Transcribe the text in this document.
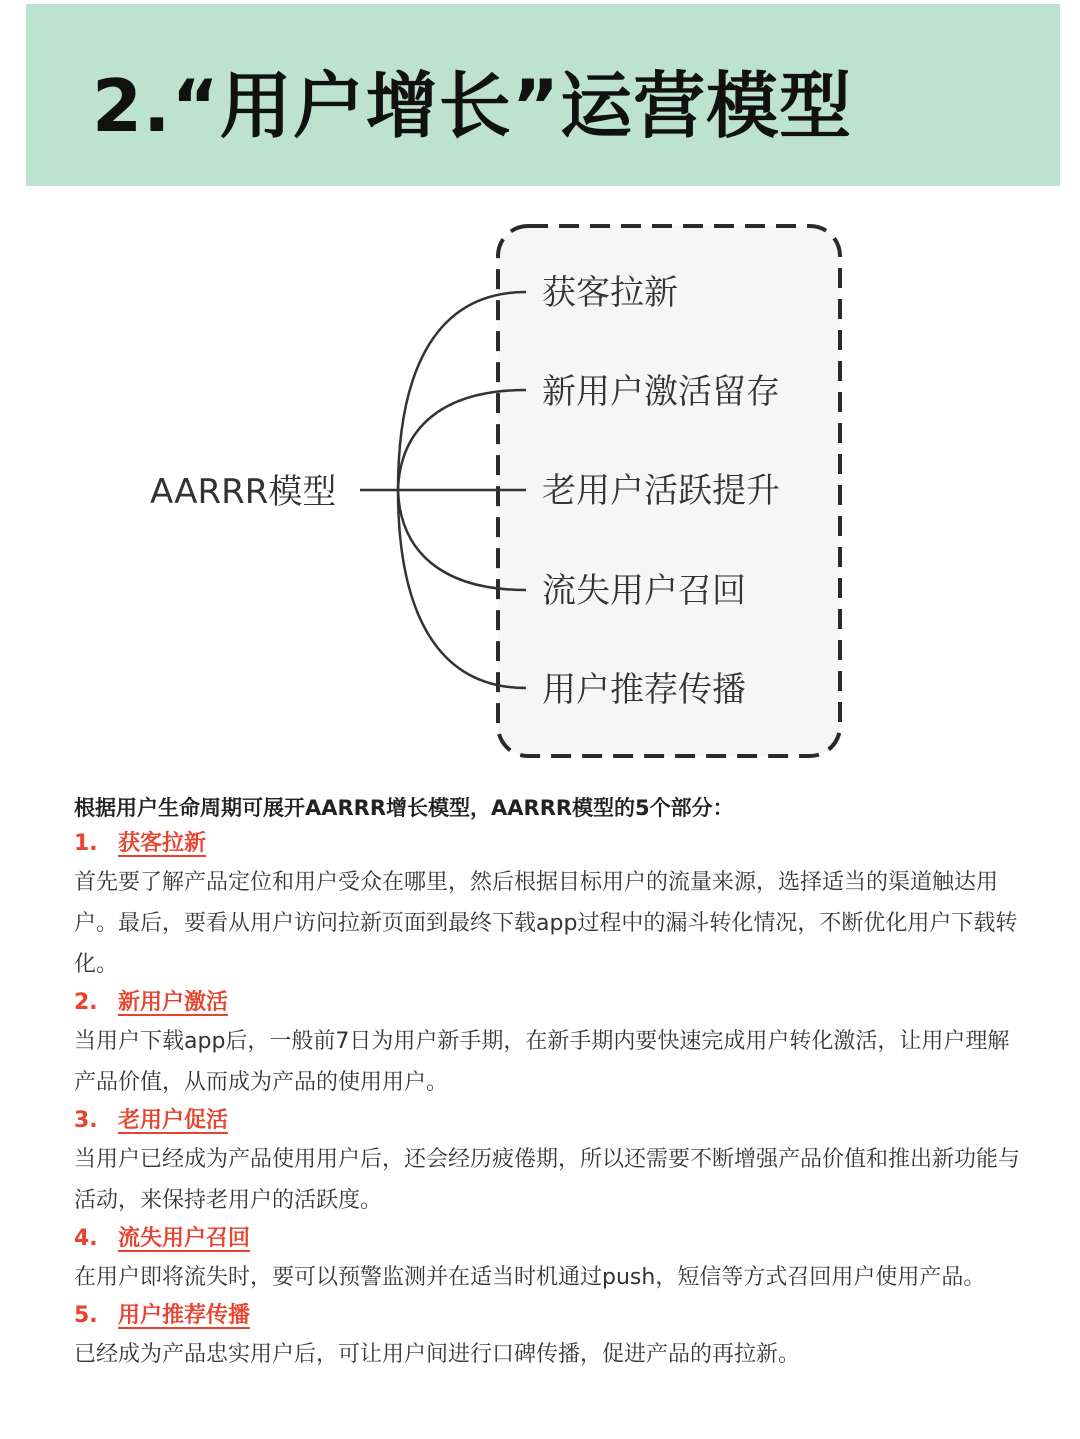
2.“用户增长”运营模型
AARRR模型
获客拉新
新用户激活留存
老用户活跃提升
流失用户召回
用户推荐传播

根据用户生命周期可展开AARRR增长模型，AARRR模型的5个部分：

1. 获客拉新

首先要了解产品定位和用户受众在哪里，然后根据目标用户的流量来源，选择适当的渠道触达用户。最后，要看从用户访问拉新页面到最终下载app过程中的漏斗转化情况，不断优化用户下载转化。

2. 新用户激活

当用户下载app后，一般前7日为用户新手期，在新手期内要快速完成用户转化激活，让用户理解产品价值，从而成为产品的使用用户。

3. 老用户促活

当用户已经成为产品使用用户后，还会经历疲倦期，所以还需要不断增强产品价值和推出新功能与活动，来保持老用户的活跃度。

4. 流失用户召回

在用户即将流失时，要可以预警监测并在适当时机通过push，短信等方式召回用户使用产品。

5. 用户推荐传播

已经成为产品忠实用户后，可让用户间进行口碑传播，促进产品的再拉新。
